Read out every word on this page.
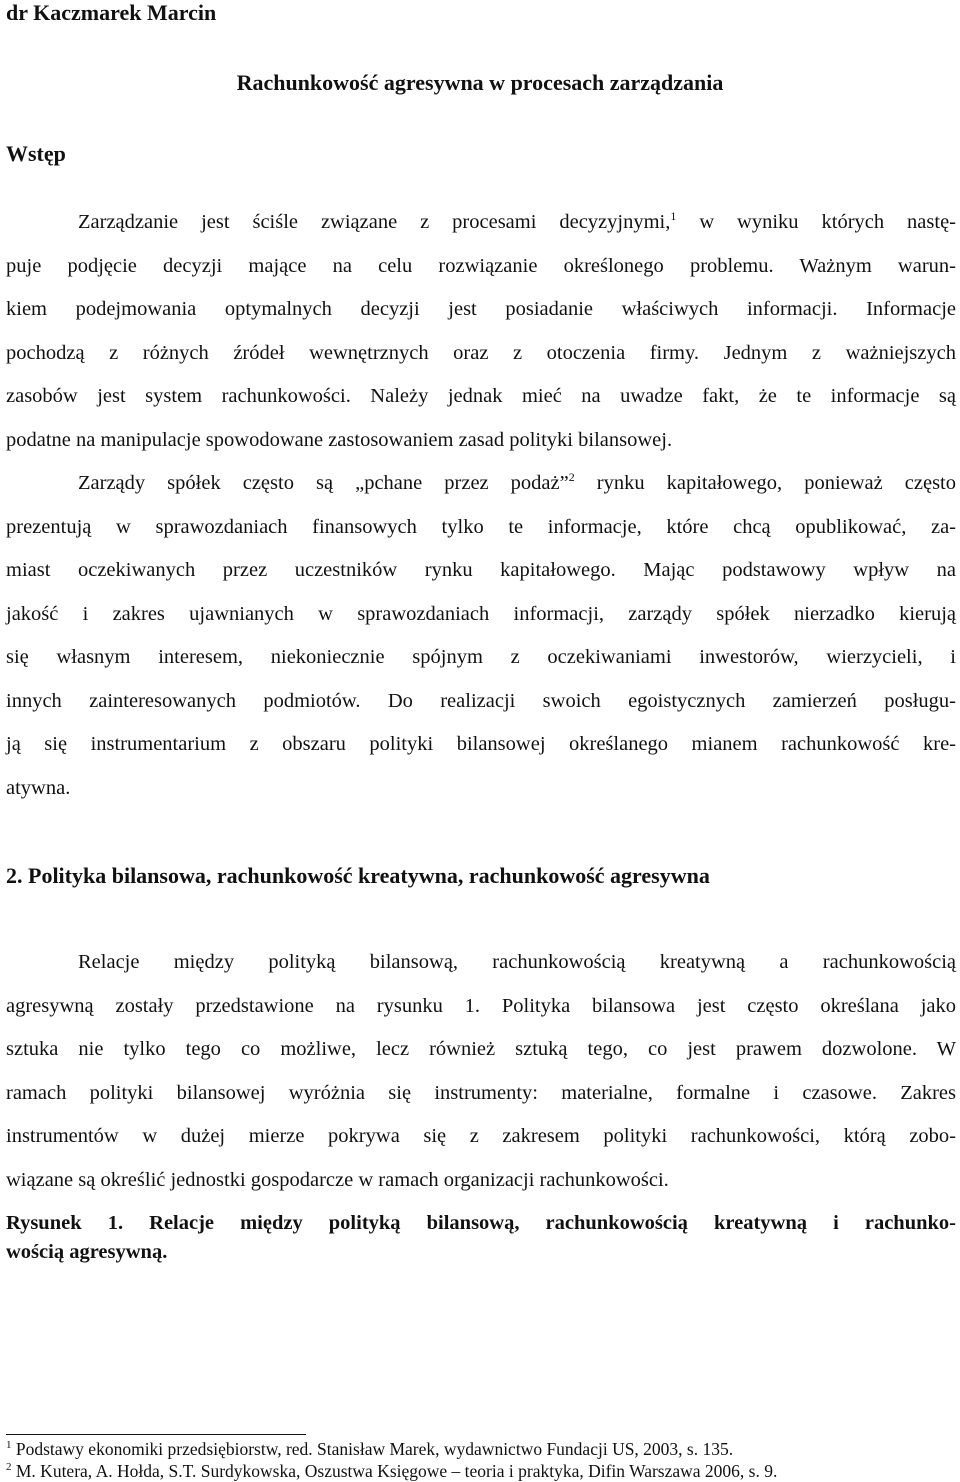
dr Kaczmarek Marcin
Rachunkowość agresywna w procesach zarządzania
Wstęp
Zarządzanie jest ściśle związane z procesami decyzyjnymi,$^1$ w wyniku których nastę-
puje podjęcie decyzji mające na celu rozwiązanie określonego problemu. Ważnym warun-
kiem podejmowania optymalnych decyzji jest posiadanie właściwych informacji. Informacje
pochodzą z różnych źródeł wewnętrznych oraz z otoczenia firmy. Jednym z ważniejszych
zasobów jest system rachunkowości. Należy jednak mieć na uwadze fakt, że te informacje są
podatne na manipulacje spowodowane zastosowaniem zasad polityki bilansowej.
Zarządy spółek często są „pchane przez podaż”$^2$ rynku kapitałowego, ponieważ często
prezentują w sprawozdaniach finansowych tylko te informacje, które chcą opublikować, za-
miast oczekiwanych przez uczestników rynku kapitałowego. Mając podstawowy wpływ na
jakość i zakres ujawnianych w sprawozdaniach informacji, zarządy spółek nierzadko kierują
się własnym interesem, niekoniecznie spójnym z oczekiwaniami inwestorów, wierzycieli, i
innych zainteresowanych podmiotów. Do realizacji swoich egoistycznych zamierzeń posługu-
ją się instrumentarium z obszaru polityki bilansowej określanego mianem rachunkowość kre-
atywna.
2. Polityka bilansowa, rachunkowość kreatywna, rachunkowość agresywna
Relacje między polityką bilansową, rachunkowością kreatywną a rachunkowością
agresywną zostały przedstawione na rysunku 1. Polityka bilansowa jest często określana jako
sztuka nie tylko tego co możliwe, lecz również sztuką tego, co jest prawem dozwolone. W
ramach polityki bilansowej wyróżnia się instrumenty: materialne, formalne i czasowe. Zakres
instrumentów w dużej mierze pokrywa się z zakresem polityki rachunkowości, którą zobo-
wiązane są określić jednostki gospodarcze w ramach organizacji rachunkowości.
Rysunek 1. Relacje między polityką bilansową, rachunkowością kreatywną i rachunko-
wością agresywną.
$^1$ Podstawy ekonomiki przedsiębiorstw, red. Stanisław Marek, wydawnictwo Fundacji US, 2003, s. 135.
$^2$ M. Kutera, A. Hołda, S.T. Surdykowska, Oszustwa Księgowe – teoria i praktyka, Difin Warszawa 2006, s. 9.
